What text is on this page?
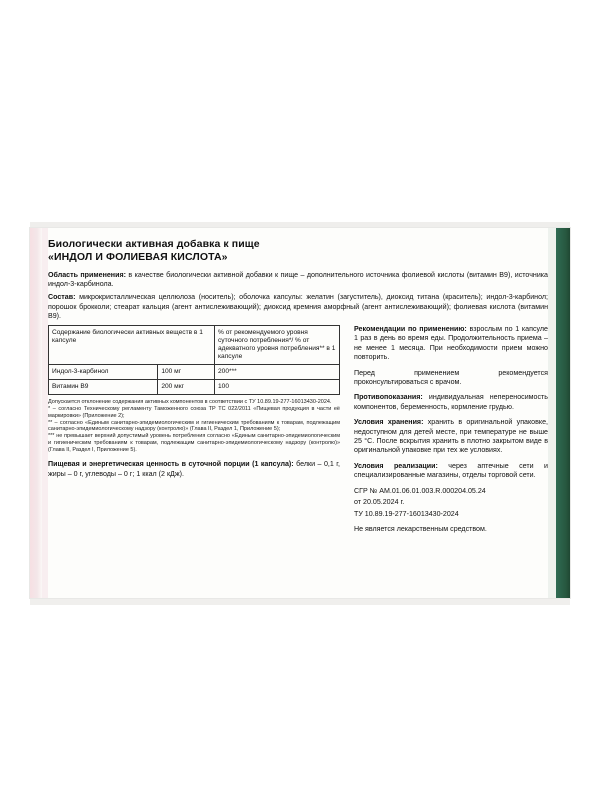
Биологически активная добавка к пище
«ИНДОЛ И ФОЛИЕВАЯ КИСЛОТА»

Область применения: в качестве биологически активной добавки к пище – дополнительного источника фолиевой кислоты (витамин B9), источника индол-3-карбинола.

Состав: микрокристаллическая целлюлоза (носитель); оболочка капсулы: желатин (загуститель), диоксид титана (краситель); индол-3-карбинол; порошок брокколи; стеарат кальция (агент антислеживающий); диоксид кремния аморфный (агент антислеживающий); фолиевая кислота (витамин B9).

Содержание биологически активных веществ в 1 капсуле		% от рекомендуемого уровня суточного потребления*/ % от адекватного уровня потребления** в 1 капсуле
Индол-3-карбинол	100 мг	200***
Витамин B9	200 мкг	100
Допускается отклонение содержания активных компонентов в соответствии с ТУ 10.89.19-277-16013430-2024.
* – согласно Техническому регламенту Таможенного союза ТР ТС 022/2011 «Пищевая продукция в части её маркировки» (Приложение 2);
** – согласно «Единым санитарно-эпидемиологическим и гигиеническим требованиям к товарам, подлежащим санитарно-эпидемиологическому надзору (контролю)» (Глава II, Раздел 1, Приложение 5);
*** не превышает верхний допустимый уровень потребления согласно «Единым санитарно-эпидемиологическим и гигиеническим требованиям к товарам, подлежащим санитарно-эпидемиологическому надзору (контролю)» (Глава II, Раздел I, Приложение 5).
Пищевая и энергетическая ценность в суточной порции (1 капсула): белки – 0,1 г, жиры – 0 г, углеводы – 0 г; 1 ккал (2 кДж).

Рекомендации по применению: взрослым по 1 капсуле 1 раз в день во время еды. Продолжительность приема – не менее 1 месяца. При необходимости прием можно повторить.

Перед применением рекомендуется проконсультироваться с врачом.

Противопоказания: индивидуальная непереносимость компонентов, беременность, кормление грудью.

Условия хранения: хранить в оригинальной упаковке, недоступном для детей месте, при температуре не выше 25 °C. После вскрытия хранить в плотно закрытом виде в оригинальной упаковке при тех же условиях.

Условия реализации: через аптечные сети и специализированные магазины, отделы торговой сети.

СГР № AM.01.06.01.003.R.000204.05.24

от 20.05.2024 г.

ТУ 10.89.19-277-16013430-2024

Не является лекарственным средством.
